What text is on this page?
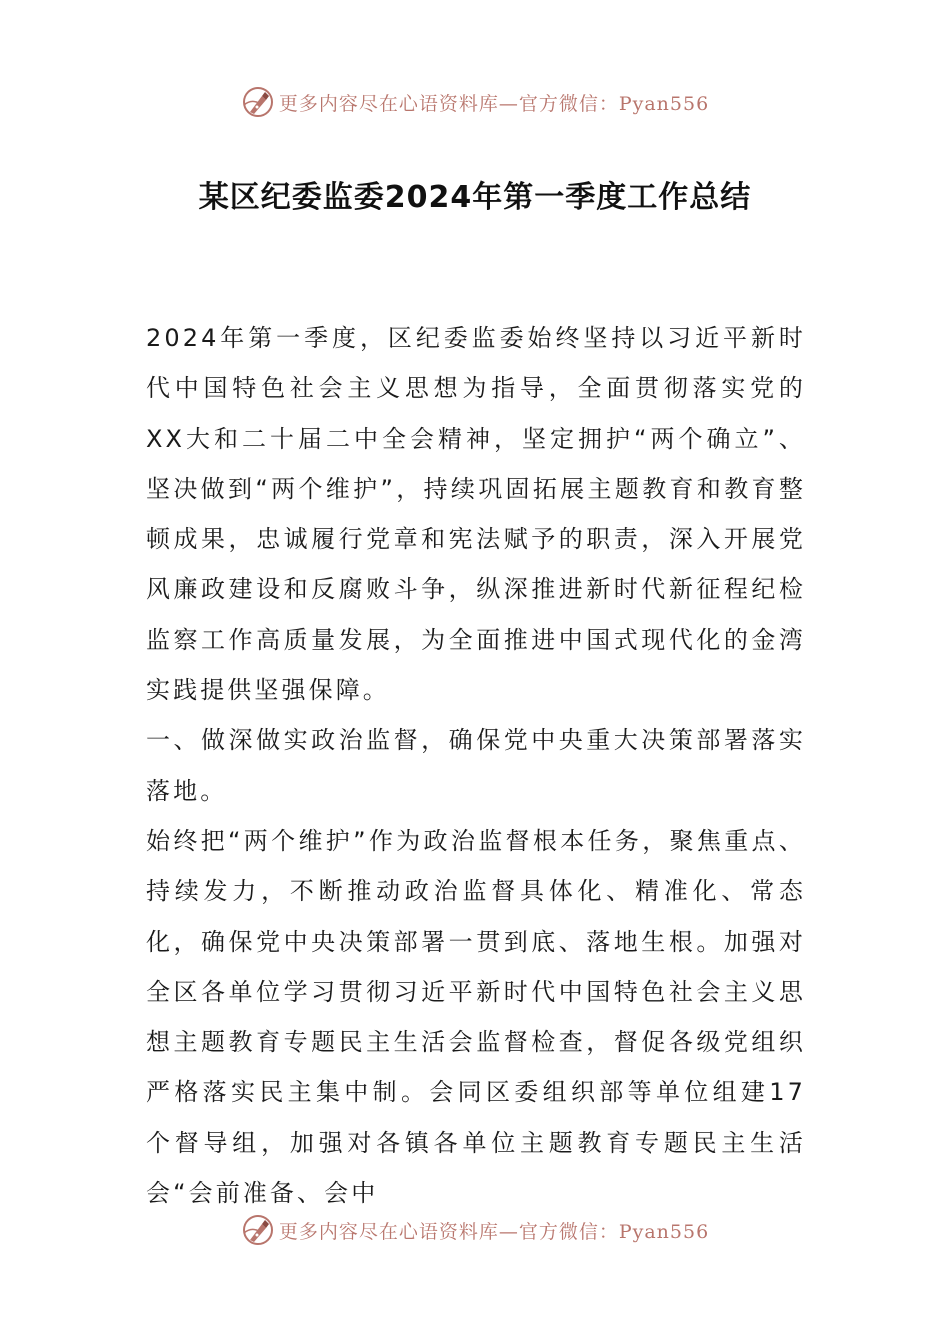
更多内容尽在心语资料库—官方微信：Pyan556
某区纪委监委2024年第一季度工作总结

2024年第一季度，区纪委监委始终坚持以习近平新时代中国特色社会主义思想为指导，全面贯彻落实党的XX大和二十届二中全会精神，坚定拥护“两个确立”、坚决做到“两个维护”，持续巩固拓展主题教育和教育整顿成果，忠诚履行党章和宪法赋予的职责，深入开展党风廉政建设和反腐败斗争，纵深推进新时代新征程纪检监察工作高质量发展，为全面推进中国式现代化的金湾实践提供坚强保障。

一、做深做实政治监督，确保党中央重大决策部署落实落地。

始终把“两个维护”作为政治监督根本任务，聚焦重点、持续发力，不断推动政治监督具体化、精准化、常态化，确保党中央决策部署一贯到底、落地生根。加强对全区各单位学习贯彻习近平新时代中国特色社会主义思想主题教育专题民主生活会监督检查，督促各级党组织严格落实民主集中制。会同区委组织部等单位组建17个督导组，加强对各镇各单位主题教育专题民主生活会“会前准备、会中

更多内容尽在心语资料库—官方微信：Pyan556
